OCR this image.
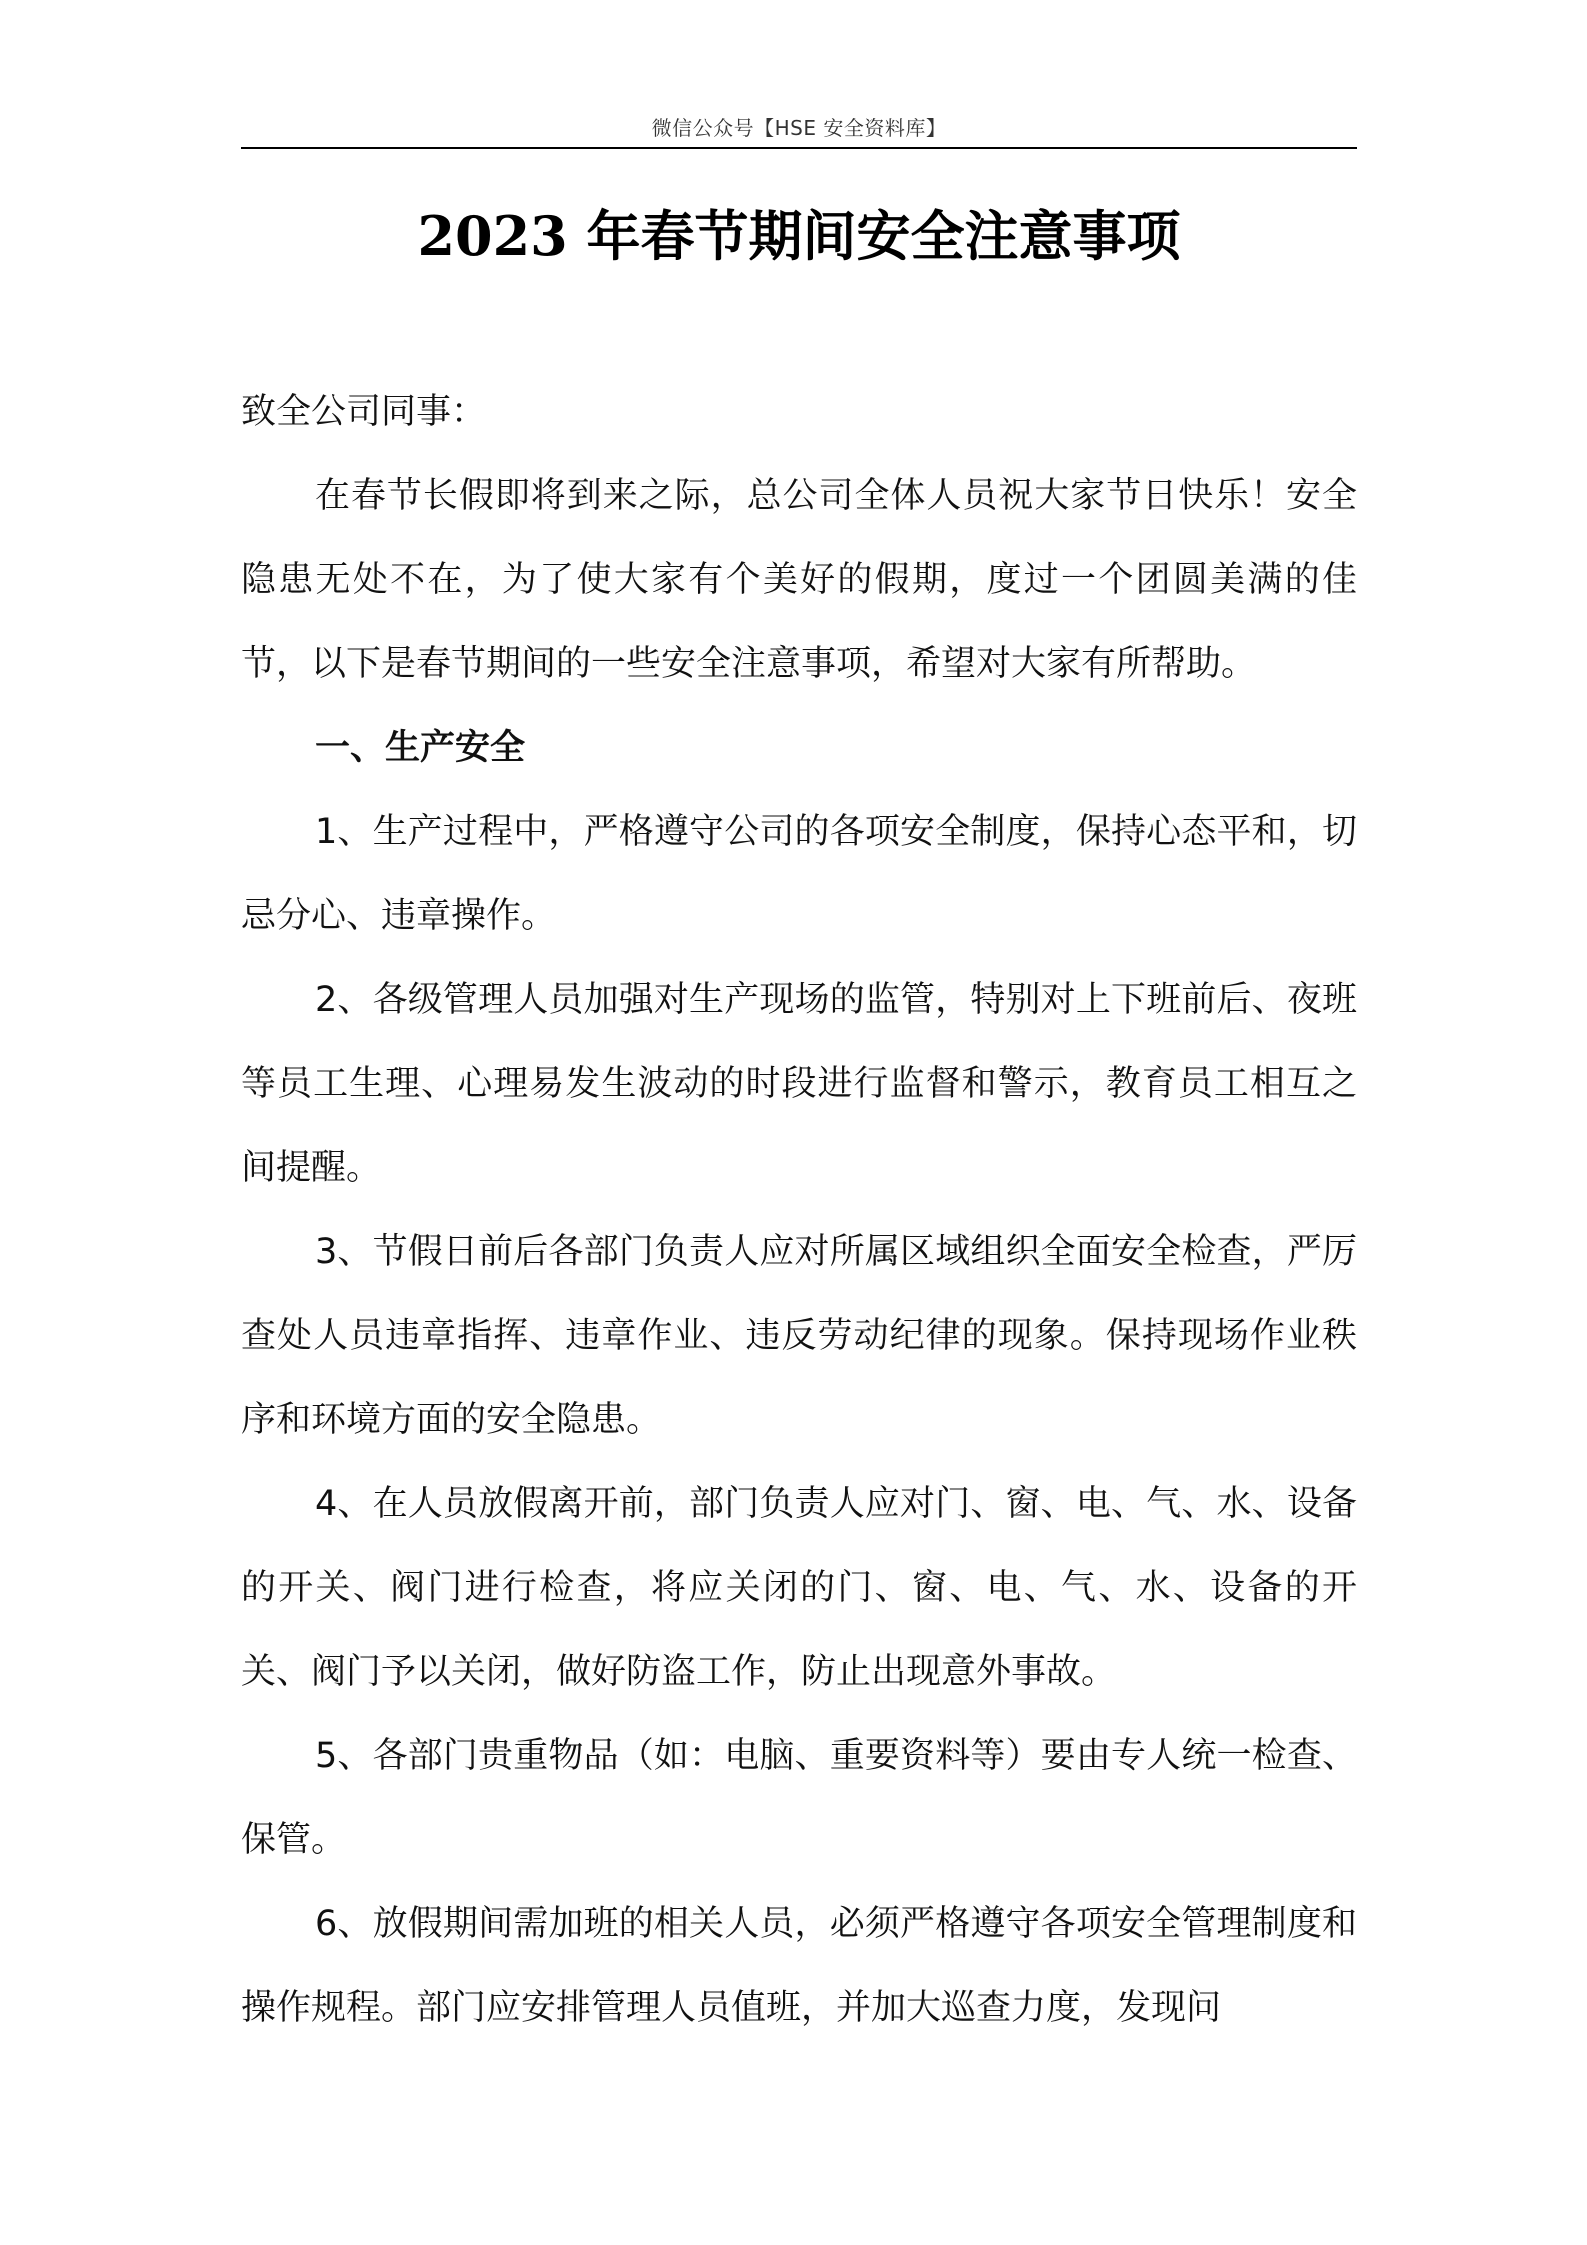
微信公众号【HSE 安全资料库】
2023 年春节期间安全注意事项

致全公司同事：

在春节长假即将到来之际，总公司全体人员祝大家节日快乐！安全隐患无处不在，为了使大家有个美好的假期，度过一个团圆美满的佳节，以下是春节期间的一些安全注意事项，希望对大家有所帮助。

一、生产安全

1、生产过程中，严格遵守公司的各项安全制度，保持心态平和，切忌分心、违章操作。

2、各级管理人员加强对生产现场的监管，特别对上下班前后、夜班等员工生理、心理易发生波动的时段进行监督和警示，教育员工相互之间提醒。

3、节假日前后各部门负责人应对所属区域组织全面安全检查，严厉查处人员违章指挥、违章作业、违反劳动纪律的现象。保持现场作业秩序和环境方面的安全隐患。

4、在人员放假离开前，部门负责人应对门、窗、电、气、水、设备的开关、阀门进行检查，将应关闭的门、窗、电、气、水、设备的开关、阀门予以关闭，做好防盗工作，防止出现意外事故。

5、各部门贵重物品（如：电脑、重要资料等）要由专人统一检查、保管。

6、放假期间需加班的相关人员，必须严格遵守各项安全管理制度和操作规程。部门应安排管理人员值班，并加大巡查力度，发现问
